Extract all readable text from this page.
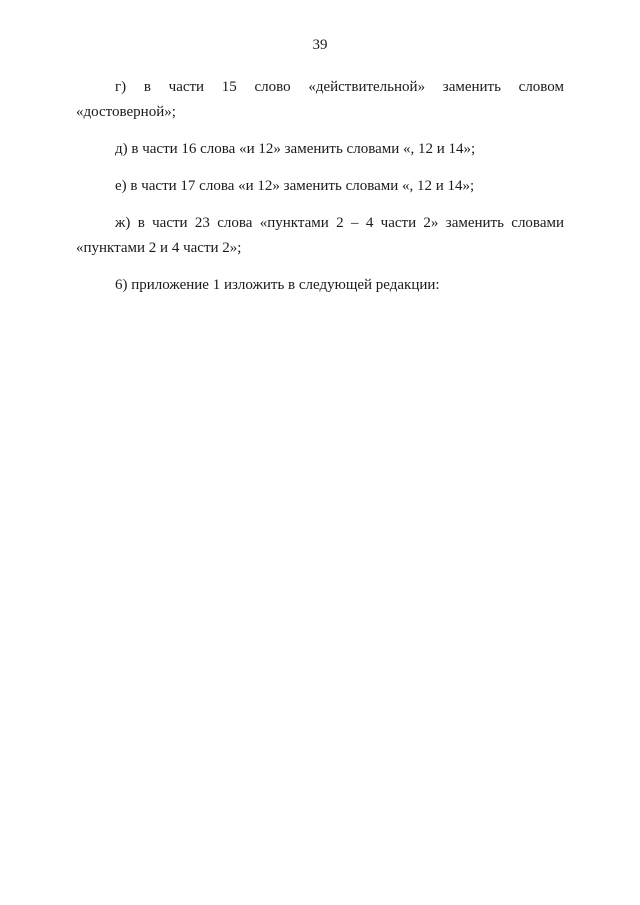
39

г) в части 15 слово «действительной» заменить словом
«достоверной»;

д) в части 16 слова «и 12» заменить словами «, 12 и 14»;

е) в части 17 слова «и 12» заменить словами «, 12 и 14»;

ж) в части 23 слова «пунктами 2 – 4 части 2» заменить словами
«пунктами 2 и 4 части 2»;

6) приложение 1 изложить в следующей редакции:
